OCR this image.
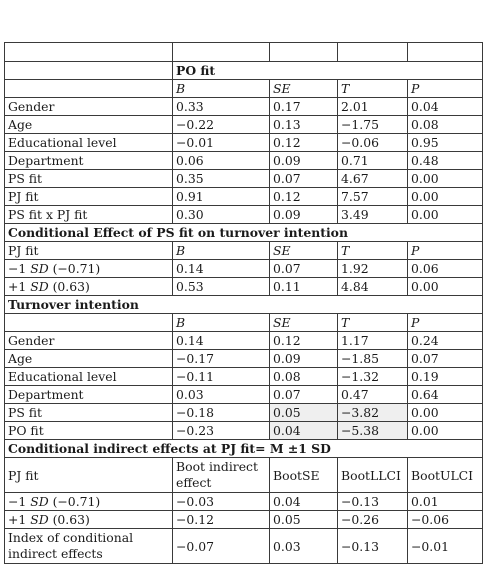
	PO fit			
	B	SE	T	P
Gender	0.33	0.17	2.01	0.04
Age	−0.22	0.13	−1.75	0.08
Educational level	−0.01	0.12	−0.06	0.95
Department	0.06	0.09	0.71	0.48
PS fit	0.35	0.07	4.67	0.00
PJ fit	0.91	0.12	7.57	0.00
PS fit x PJ fit	0.30	0.09	3.49	0.00
Conditional Effect of PS fit on turnover intention				
PJ fit	B	SE	T	P
−1 SD (−0.71)	0.14	0.07	1.92	0.06
+1 SD (0.63)	0.53	0.11	4.84	0.00
Turnover intention				
	B	SE	T	P
Gender	0.14	0.12	1.17	0.24
Age	−0.17	0.09	−1.85	0.07
Educational level	−0.11	0.08	−1.32	0.19
Department	0.03	0.07	0.47	0.64
PS fit	−0.18	0.05	−3.82	0.00
PO fit	−0.23	0.04	−5.38	0.00
Conditional indirect effects at PJ fit= M ±1 SD				
PJ fit	Boot indirect effect	BootSE	BootLLCI	BootULCI
−1 SD (−0.71)	−0.03	0.04	−0.13	0.01
+1 SD (0.63)	−0.12	0.05	−0.26	−0.06
Index of conditional indirect effects	−0.07	0.03	−0.13	−0.01
